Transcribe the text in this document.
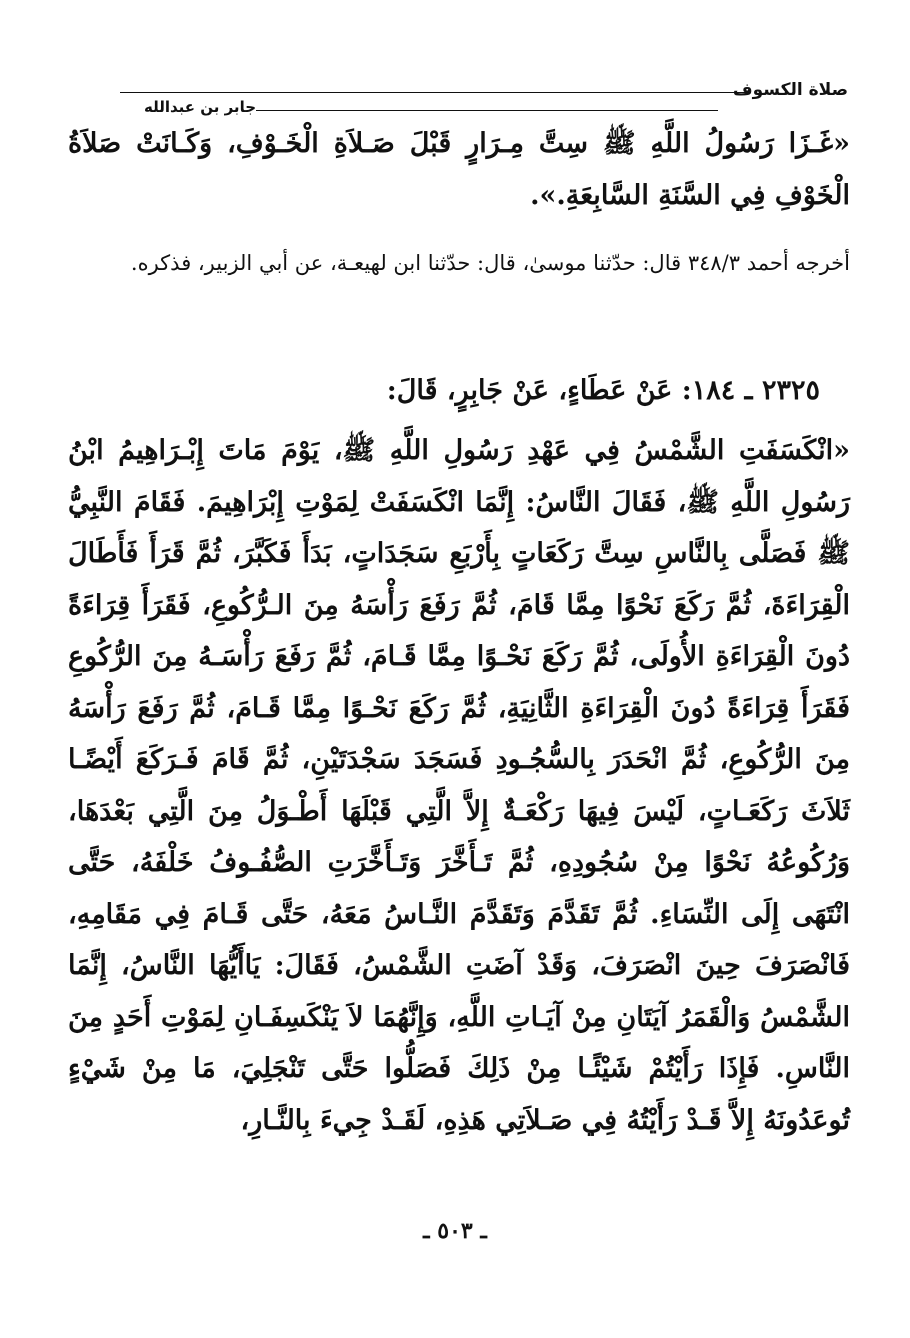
صلاة الكسوف
جابر بن عبدالله
«غَـزَا رَسُولُ اللَّهِ ﷺ سِتَّ مِـرَارٍ قَبْلَ صَـلاَةِ الْخَـوْفِ، وَكَـانَتْ صَلاَةُ الْخَوْفِ فِي السَّنَةِ السَّابِعَةِ.».
أخرجه أحمد ٣٤٨/٣ قال: حدّثنا موسىٰ، قال: حدّثنا ابن لهيعـة، عن أبي الزبير، فذكره.
٢٣٢٥ ـ ١٨٤: عَنْ عَطَاءٍ، عَنْ جَابِرٍ، قَالَ:
«انْكَسَفَتِ الشَّمْسُ فِي عَهْدِ رَسُولِ اللَّهِ ﷺ، يَوْمَ مَاتَ إِبْـرَاهِيمُ ابْنُ رَسُولِ اللَّهِ ﷺ، فَقَالَ النَّاسُ: إِنَّمَا انْكَسَفَتْ لِمَوْتِ إِبْرَاهِيمَ. فَقَامَ النَّبِيُّ ﷺ فَصَلَّى بِالنَّاسِ سِتَّ رَكَعَاتٍ بِأَرْبَعِ سَجَدَاتٍ، بَدَأَ فَكَبَّرَ، ثُمَّ قَرَأَ فَأَطَالَ الْقِرَاءَةَ، ثُمَّ رَكَعَ نَحْوًا مِمَّا قَامَ، ثُمَّ رَفَعَ رَأْسَهُ مِنَ الـرُّكُوعِ، فَقَرَأَ قِرَاءَةً دُونَ الْقِرَاءَةِ الأُولَى، ثُمَّ رَكَعَ نَحْـوًا مِمَّا قَـامَ، ثُمَّ رَفَعَ رَأْسَـهُ مِنَ الرُّكُوعِ فَقَرَأَ قِرَاءَةً دُونَ الْقِرَاءَةِ الثَّانِيَةِ، ثُمَّ رَكَعَ نَحْـوًا مِمَّا قَـامَ، ثُمَّ رَفَعَ رَأْسَهُ مِنَ الرُّكُوعِ، ثُمَّ انْحَدَرَ بِالسُّجُـودِ فَسَجَدَ سَجْدَتَيْنِ، ثُمَّ قَامَ فَـرَكَعَ أَيْضًـا ثَلاَثَ رَكَعَـاتٍ، لَيْسَ فِيهَا رَكْعَـةٌ إِلاَّ الَّتِي قَبْلَهَا أَطْـوَلُ مِنَ الَّتِي بَعْدَهَا، وَرُكُوعُهُ نَحْوًا مِنْ سُجُودِهِ، ثُمَّ تَـأَخَّرَ وَتَـأَخَّرَتِ الصُّفُـوفُ خَلْفَهُ، حَتَّى انْتَهَى إِلَى النِّسَاءِ. ثُمَّ تَقَدَّمَ وَتَقَدَّمَ النَّـاسُ مَعَهُ، حَتَّى قَـامَ فِي مَقَامِهِ، فَانْصَرَفَ حِينَ انْصَرَفَ، وَقَدْ آضَتِ الشَّمْسُ، فَقَالَ: يَاأَيُّهَا النَّاسُ، إِنَّمَا الشَّمْسُ وَالْقَمَرُ آيَتَانِ مِنْ آيَـاتِ اللَّهِ، وَإِنَّهُمَا لاَ يَنْكَسِفَـانِ لِمَوْتِ أَحَدٍ مِنَ النَّاسِ. فَإِذَا رَأَيْتُمْ شَيْئًـا مِنْ ذَلِكَ فَصَلُّوا حَتَّى تَنْجَلِيَ، مَا مِنْ شَيْءٍ تُوعَدُونَهُ إِلاَّ قَـدْ رَأَيْتُهُ فِي صَـلاَتِي هَذِهِ، لَقَـدْ جِيءَ بِالنَّـارِ،
ـ ٥٠٣ ـ
